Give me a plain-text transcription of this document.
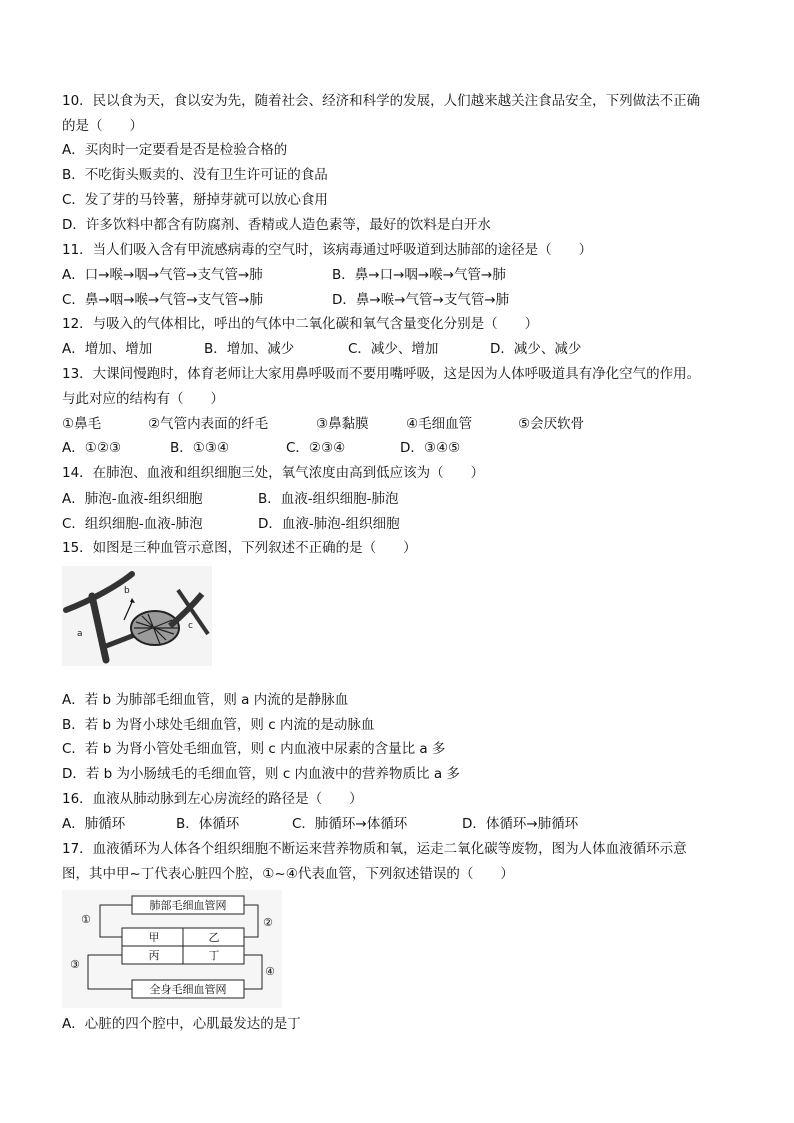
10．民以食为天，食以安为先，随着社会、经济和科学的发展，人们越来越关注食品安全，下列做法不正确
的是（　　）
A．买肉时一定要看是否是检验合格的
B．不吃街头贩卖的、没有卫生许可证的食品
C．发了芽的马铃薯，掰掉芽就可以放心食用
D．许多饮料中都含有防腐剂、香精或人造色素等，最好的饮料是白开水
11．当人们吸入含有甲流感病毒的空气时，该病毒通过呼吸道到达肺部的途径是（　　）
A．口→喉→咽→气管→支气管→肺	B．鼻→口→咽→喉→气管→肺
C．鼻→咽→喉→气管→支气管→肺	D．鼻→喉→气管→支气管→肺
12．与吸入的气体相比，呼出的气体中二氧化碳和氧气含量变化分别是（　　）
A．增加、增加	B．增加、减少	C．减少、增加	D．减少、减少
13．大课间慢跑时，体育老师让大家用鼻呼吸而不要用嘴呼吸，这是因为人体呼吸道具有净化空气的作用。
与此对应的结构有（　　）
①鼻毛	②气管内表面的纤毛	③鼻黏膜	④毛细血管	⑤会厌软骨
A．①②③	B．①③④	C．②③④	D．③④⑤
14．在肺泡、血液和组织细胞三处，氧气浓度由高到低应该为（　　）
A．肺泡-血液-组织细胞	B．血液-组织细胞-肺泡
C．组织细胞-血液-肺泡	D．血液-肺泡-组织细胞
15．如图是三种血管示意图，下列叙述不正确的是（　　）
b
a
c
A．若 b 为肺部毛细血管，则 a 内流的是静脉血
B．若 b 为肾小球处毛细血管，则 c 内流的是动脉血
C．若 b 为肾小管处毛细血管，则 c 内血液中尿素的含量比 a 多
D．若 b 为小肠绒毛的毛细血管，则 c 内血液中的营养物质比 a 多
16．血液从肺动脉到左心房流经的路径是（　　）
A．肺循环	B．体循环	C．肺循环→体循环	D．体循环→肺循环
17．血液循环为人体各个组织细胞不断运来营养物质和氧，运走二氧化碳等废物，图为人体血液循环示意
图，其中甲~丁代表心脏四个腔，①~④代表血管，下列叙述错误的（　　）
肺部毛细血管网
甲	乙
丙	丁
全身毛细血管网
①	②
③
④
A．心脏的四个腔中，心肌最发达的是丁
